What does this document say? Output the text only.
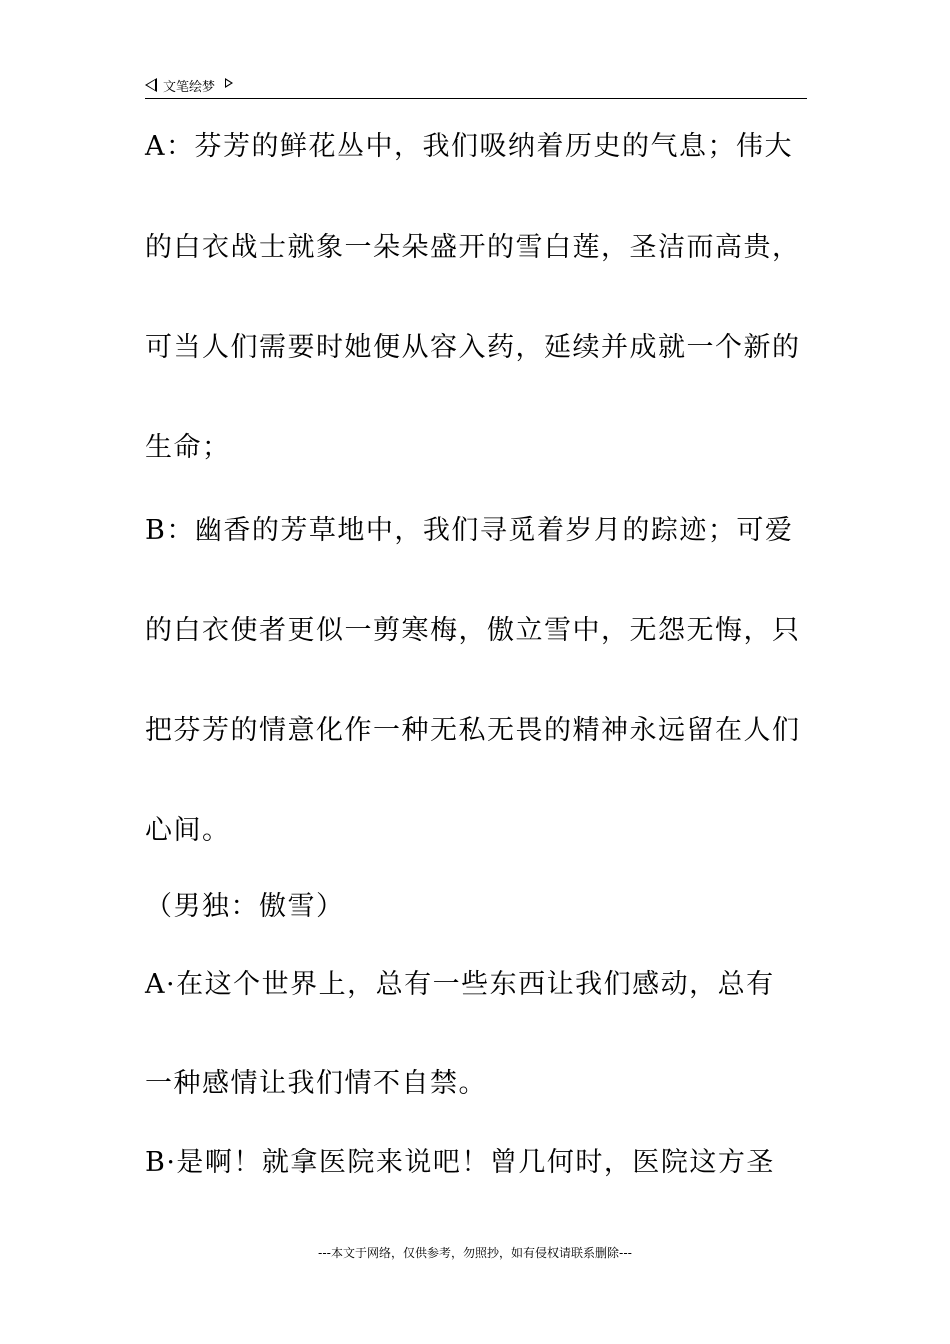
文笔绘梦
A：芬芳的鲜花丛中，我们吸纳着历史的气息；伟大
的白衣战士就象一朵朵盛开的雪白莲，圣洁而高贵，
可当人们需要时她便从容入药，延续并成就一个新的
生命；
B：幽香的芳草地中，我们寻觅着岁月的踪迹；可爱
的白衣使者更似一剪寒梅，傲立雪中，无怨无悔，只
把芬芳的情意化作一种无私无畏的精神永远留在人们
心间。
（男独：傲雪）
A·在这个世界上，总有一些东西让我们感动，总有
一种感情让我们情不自禁。
B·是啊！就拿医院来说吧！曾几何时，医院这方圣
---本文于网络，仅供参考，勿照抄，如有侵权请联系删除---
